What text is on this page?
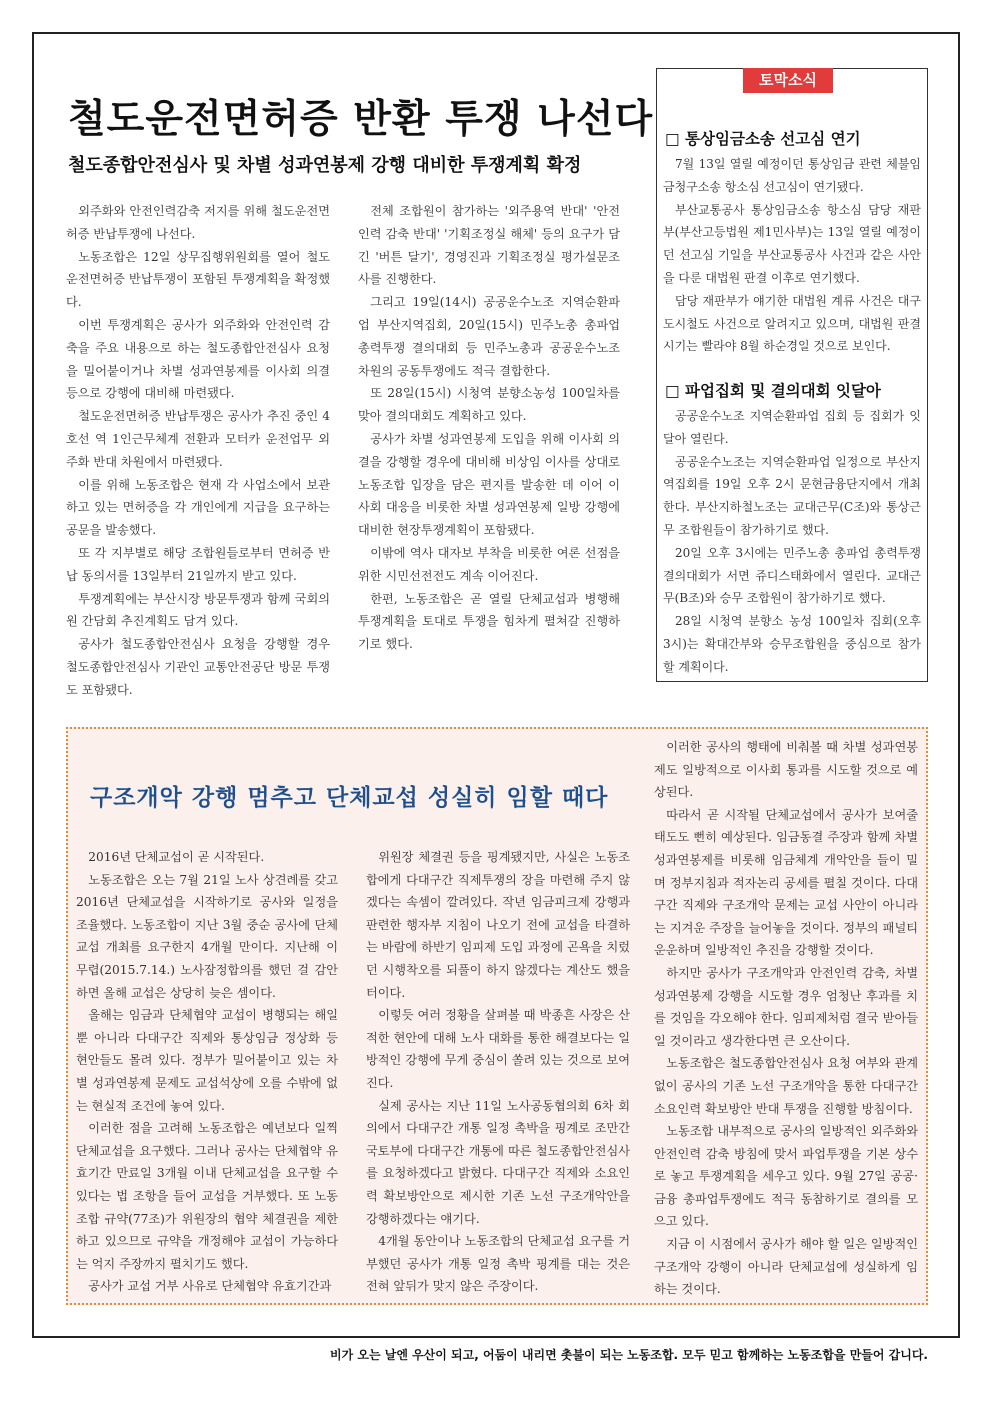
철도운전면허증 반환 투쟁 나선다
철도종합안전심사 및 차별 성과연봉제 강행 대비한 투쟁계획 확정

외주화와 안전인력감축 저지를 위해 철도운전면허증 반납투쟁에 나선다.

노동조합은 12일 상무집행위원회를 열어 철도운전면허증 반납투쟁이 포함된 투쟁계획을 확정했다.

이번 투쟁계획은 공사가 외주화와 안전인력 감축을 주요 내용으로 하는 철도종합안전심사 요청을 밀어붙이거나 차별 성과연봉제를 이사회 의결 등으로 강행에 대비해 마련됐다.

철도운전면허증 반납투쟁은 공사가 추진 중인 4호선 역 1인근무체계 전환과 모터카 운전업무 외주화 반대 차원에서 마련됐다.

이를 위해 노동조합은 현재 각 사업소에서 보관하고 있는 면허증을 각 개인에게 지급을 요구하는 공문을 발송했다.

또 각 지부별로 해당 조합원들로부터 면허증 반납 동의서를 13일부터 21일까지 받고 있다.

투쟁계획에는 부산시장 방문투쟁과 함께 국회의원 간담회 추진계획도 담겨 있다.

공사가 철도종합안전심사 요청을 강행할 경우 철도종합안전심사 기관인 교통안전공단 방문 투쟁도 포함됐다.

전체 조합원이 참가하는 '외주용역 반대' '안전인력 감축 반대' '기획조정실 해체' 등의 요구가 담긴 '버튼 달기', 경영진과 기획조정실 평가설문조사를 진행한다.

그리고 19일(14시) 공공운수노조 지역순환파업 부산지역집회, 20일(15시) 민주노총 총파업 총력투쟁 결의대회 등 민주노총과 공공운수노조 차원의 공동투쟁에도 적극 결합한다.

또 28일(15시) 시청역 분향소농성 100일차를 맞아 결의대회도 계획하고 있다.

공사가 차별 성과연봉제 도입을 위해 이사회 의결을 강행할 경우에 대비해 비상임 이사를 상대로 노동조합 입장을 담은 편지를 발송한 데 이어 이사회 대응을 비롯한 차별 성과연봉제 일방 강행에 대비한 현장투쟁계획이 포함됐다.

이밖에 역사 대자보 부착을 비롯한 여론 선점을 위한 시민선전전도 계속 이어진다.

한편, 노동조합은 곧 열릴 단체교섭과 병행해 투쟁계획을 토대로 투쟁을 힘차게 펼쳐갈 진행하기로 했다.

토막소식
□ 통상임금소송 선고심 연기

7월 13일 열릴 예정이던 통상임금 관련 체불임금청구소송 항소심 선고심이 연기됐다.

부산교통공사 통상임금소송 항소심 담당 재판부(부산고등법원 제1민사부)는 13일 열릴 예정이던 선고심 기일을 부산교통공사 사건과 같은 사안을 다룬 대법원 판결 이후로 연기했다.

담당 재판부가 얘기한 대법원 계류 사건은 대구도시철도 사건으로 알려지고 있으며, 대법원 판결 시기는 빨라야 8월 하순경일 것으로 보인다.

□ 파업집회 및 결의대회 잇달아

공공운수노조 지역순환파업 집회 등 집회가 잇달아 열린다.

공공운수노조는 지역순환파업 일정으로 부산지역집회를 19일 오후 2시 문현금융단지에서 개최한다. 부산지하철노조는 교대근무(C조)와 통상근무 조합원들이 참가하기로 했다.

20일 오후 3시에는 민주노총 총파업 총력투쟁 결의대회가 서면 쥬디스태화에서 열린다. 교대근무(B조)와 승무 조합원이 참가하기로 했다.

28일 시청역 분향소 농성 100일차 집회(오후 3시)는 확대간부와 승무조합원을 중심으로 참가할 계획이다.

구조개악 강행 멈추고 단체교섭 성실히 임할 때다

2016년 단체교섭이 곧 시작된다.

노동조합은 오는 7월 21일 노사 상견례를 갖고 2016년 단체교섭을 시작하기로 공사와 일정을 조율했다. 노동조합이 지난 3월 중순 공사에 단체교섭 개최를 요구한지 4개월 만이다. 지난해 이 무렵(2015.7.14.) 노사잠정합의를 했던 걸 감안하면 올해 교섭은 상당히 늦은 셈이다.

올해는 임금과 단체협약 교섭이 병행되는 해일 뿐 아니라 다대구간 직제와 통상임금 정상화 등 현안들도 몰려 있다. 정부가 밀어붙이고 있는 차별 성과연봉제 문제도 교섭석상에 오를 수밖에 없는 현실적 조건에 놓여 있다.

이러한 점을 고려해 노동조합은 예년보다 일찍 단체교섭을 요구했다. 그러나 공사는 단체협약 유효기간 만료일 3개월 이내 단체교섭을 요구할 수 있다는 법 조항을 들어 교섭을 거부했다. 또 노동조합 규약(77조)가 위원장의 협약 체결권을 제한하고 있으므로 규약을 개정해야 교섭이 가능하다는 억지 주장까지 펼치기도 했다.

공사가 교섭 거부 사유로 단체협약 유효기간과

위원장 체결권 등을 핑계됐지만, 사실은 노동조합에게 다대구간 직제투쟁의 장을 마련해 주지 않겠다는 속셈이 깔려있다. 작년 임금피크제 강행과 판련한 행자부 지침이 나오기 전에 교섭을 타결하는 바람에 하반기 임피제 도입 과정에 곤욕을 치렀던 시행착오를 되풀이 하지 않겠다는 계산도 했을 터이다.

이렇듯 여러 정황을 살펴볼 때 박종흔 사장은 산적한 현안에 대해 노사 대화를 통한 해결보다는 일방적인 강행에 무게 중심이 쏠려 있는 것으로 보여진다.

실제 공사는 지난 11일 노사공동협의회 6차 회의에서 다대구간 개통 일정 촉박을 핑계로 조만간 국토부에 다대구간 개통에 따른 철도종합안전심사를 요청하겠다고 밝혔다. 다대구간 직제와 소요인력 확보방안으로 제시한 기존 노선 구조개악안을 강행하겠다는 얘기다.

4개월 동안이나 노동조합의 단체교섭 요구를 거부했던 공사가 개통 일정 촉박 핑계를 대는 것은 전혀 앞뒤가 맞지 않은 주장이다.

이러한 공사의 행태에 비춰볼 때 차별 성과연봉제도 일방적으로 이사회 통과를 시도할 것으로 예상된다.

따라서 곧 시작될 단체교섭에서 공사가 보여줄 태도도 뻔히 예상된다. 임금동결 주장과 함께 차별 성과연봉제를 비롯해 임금체계 개악안을 들이 밀며 정부지침과 적자논리 공세를 펼칠 것이다. 다대구간 직제와 구조개악 문제는 교섭 사안이 아니라는 지겨운 주장을 늘어놓을 것이다. 정부의 패널티 운운하며 일방적인 추진을 강행할 것이다.

하지만 공사가 구조개악과 안전인력 감축, 차별 성과연봉제 강행을 시도할 경우 엄청난 후과를 치를 것임을 각오해야 한다. 임피제처럼 결국 받아들일 것이라고 생각한다면 큰 오산이다.

노동조합은 철도종합안전심사 요청 여부와 관계없이 공사의 기존 노선 구조개악을 통한 다대구간 소요인력 확보방안 반대 투쟁을 진행할 방침이다.

노동조합 내부적으로 공사의 일방적인 외주화와 안전인력 감축 방침에 맞서 파업투쟁을 기본 상수로 놓고 투쟁계획을 세우고 있다. 9월 27일 공공·금융 총파업투쟁에도 적극 동참하기로 결의를 모으고 있다.

지금 이 시점에서 공사가 해야 할 일은 일방적인 구조개악 강행이 아니라 단체교섭에 성실하게 임하는 것이다.

비가 오는 날엔 우산이 되고, 어둠이 내리면 촛불이 되는 노동조합. 모두 믿고 함께하는 노동조합을 만들어 갑니다.
